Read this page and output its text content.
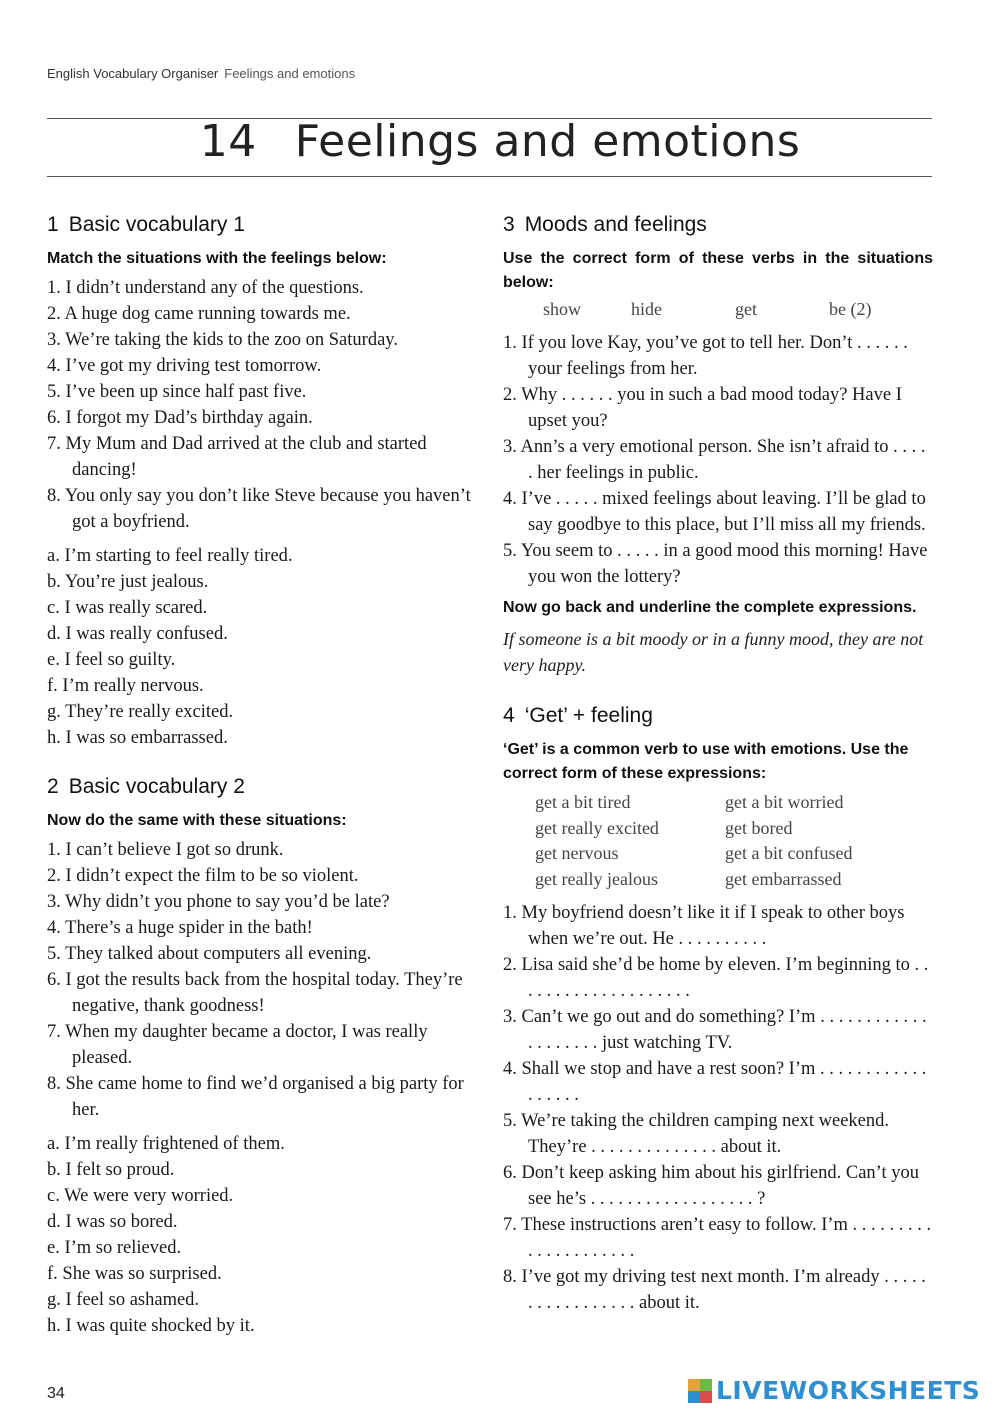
English Vocabulary Organiser Feelings and emotions
14 Feelings and emotions
1 Basic vocabulary 1
Match the situations with the feelings below:
1. I didn’t understand any of the questions.
2. A huge dog came running towards me.
3. We’re taking the kids to the zoo on Saturday.
4. I’ve got my driving test tomorrow.
5. I’ve been up since half past five.
6. I forgot my Dad’s birthday again.
7. My Mum and Dad arrived at the club and started dancing!
8. You only say you don’t like Steve because you haven’t got a boyfriend.
a. I’m starting to feel really tired.
b. You’re just jealous.
c. I was really scared.
d. I was really confused.
e. I feel so guilty.
f. I’m really nervous.
g. They’re really excited.
h. I was so embarrassed.
2 Basic vocabulary 2
Now do the same with these situations:
1. I can’t believe I got so drunk.
2. I didn’t expect the film to be so violent.
3. Why didn’t you phone to say you’d be late?
4. There’s a huge spider in the bath!
5. They talked about computers all evening.
6. I got the results back from the hospital today. They’re negative, thank goodness!
7. When my daughter became a doctor, I was really pleased.
8. She came home to find we’d organised a big party for her.
a. I’m really frightened of them.
b. I felt so proud.
c. We were very worried.
d. I was so bored.
e. I’m so relieved.
f. She was so surprised.
g. I feel so ashamed.
h. I was quite shocked by it.
3 Moods and feelings
Use the correct form of these verbs in the situations below:
show	hide	get	be (2)
1. If you love Kay, you’ve got to tell her. Don’t . . . . . . your feelings from her.
2. Why . . . . . . you in such a bad mood today? Have I upset you?
3. Ann’s a very emotional person. She isn’t afraid to . . . . . her feelings in public.
4. I’ve . . . . . mixed feelings about leaving. I’ll be glad to say goodbye to this place, but I’ll miss all my friends.
5. You seem to . . . . . in a good mood this morning! Have you won the lottery?
Now go back and underline the complete expressions.
If someone is a bit moody or in a funny mood, they are not very happy.
4 ‘Get’ + feeling
‘Get’ is a common verb to use with emotions. Use the correct form of these expressions:
get a bit tired	get a bit worried
get really excited	get bored
get nervous	get a bit confused
get really jealous	get embarrassed
1. My boyfriend doesn’t like it if I speak to other boys when we’re out. He . . . . . . . . . .
2. Lisa said she’d be home by eleven. I’m beginning to . . . . . . . . . . . . . . . . . . . .
3. Can’t we go out and do something? I’m . . . . . . . . . . . . . . . . . . . . just watching TV.
4. Shall we stop and have a rest soon? I’m . . . . . . . . . . . . . . . . . .
5. We’re taking the children camping next weekend. They’re . . . . . . . . . . . . . . about it.
6. Don’t keep asking him about his girlfriend. Can’t you see he’s . . . . . . . . . . . . . . . . . . ?
7. These instructions aren’t easy to follow. I’m . . . . . . . . . . . . . . . . . . . . .
8. I’ve got my driving test next month. I’m already . . . . . . . . . . . . . . . . . about it.
34	LIVEWORKSHEETS
